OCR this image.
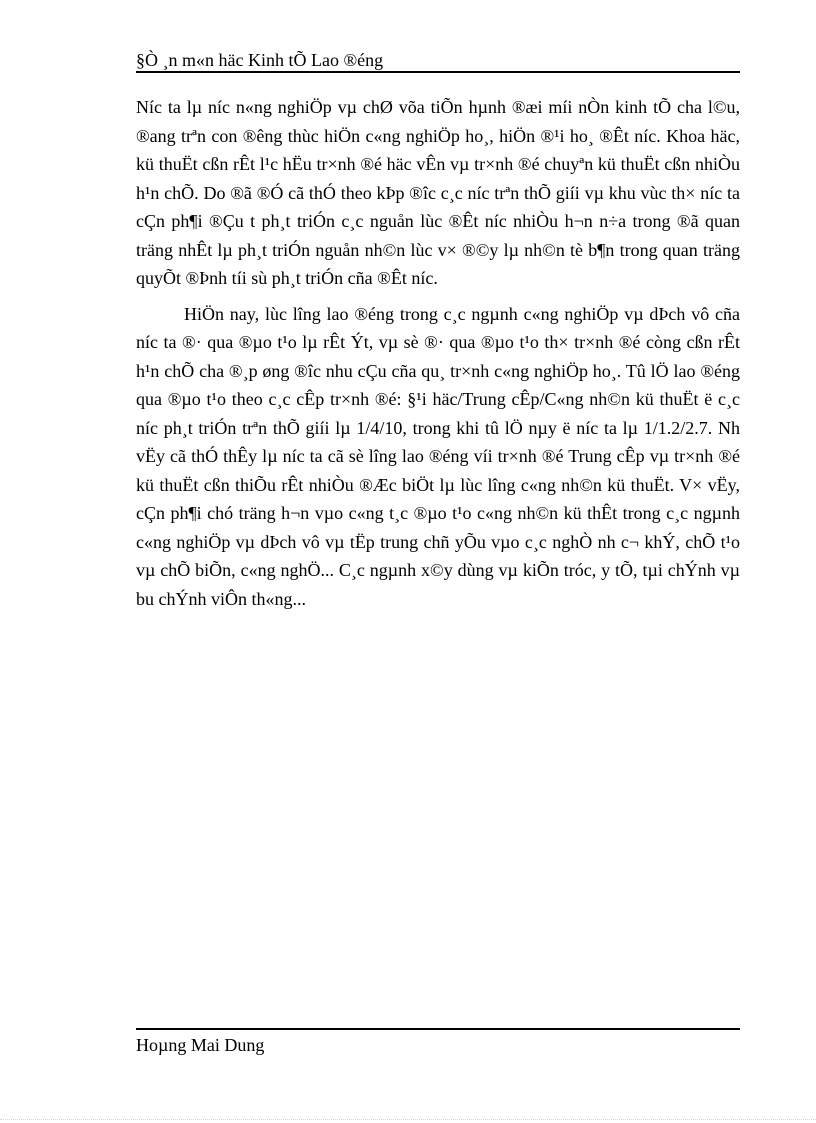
§Ò ¸n m«n häc Kinh tÕ Lao ®éng

Níc ta lµ níc n«ng nghiÖp vµ chØ võa tiÕn hµnh ®æi míi nÒn kinh tÕ cha l©u, ®ang trªn con ®êng thùc hiÖn c«ng nghiÖp ho¸, hiÖn ®¹i ho¸ ®Êt níc. Khoa häc, kü thuËt cßn rÊt l¹c hËu tr×nh ®é häc vÊn vµ tr×nh ®é chuyªn kü thuËt cßn nhiÒu h¹n chÕ. Do ®ã ®Ó cã thÓ theo kÞp ®îc c¸c níc trªn thÕ giíi vµ khu vùc th× níc ta cÇn ph¶i ®Çu t ph¸t triÓn c¸c nguån lùc ®Êt níc nhiÒu h¬n n÷a trong ®ã quan träng nhÊt lµ ph¸t triÓn nguån nh©n lùc v× ®©y lµ nh©n tè b¶n trong quan träng quyÕt ®Þnh tíi sù ph¸t triÓn cña ®Êt níc.

HiÖn nay, lùc lîng lao ®éng trong c¸c ngµnh c«ng nghiÖp vµ dÞch vô cña níc ta ®· qua ®µo t¹o lµ rÊt Ýt, vµ sè ®· qua ®µo t¹o th× tr×nh ®é còng cßn rÊt h¹n chÕ cha ®¸p øng ®îc nhu cÇu cña qu¸ tr×nh c«ng nghiÖp ho¸. Tû lÖ lao ®éng qua ®µo t¹o theo c¸c cÊp tr×nh ®é: §¹i häc/Trung cÊp/C«ng nh©n kü thuËt ë c¸c níc ph¸t triÓn trªn thÕ giíi lµ 1/4/10, trong khi tû lÖ nµy ë níc ta lµ 1/1.2/2.7. Nh vËy cã thÓ thÊy lµ níc ta cã sè lîng lao ®éng víi tr×nh ®é Trung cÊp vµ tr×nh ®é kü thuËt cßn thiÕu rÊt nhiÒu ®Æc biÖt lµ lùc lîng c«ng nh©n kü thuËt. V× vËy, cÇn ph¶i chó träng h¬n vµo c«ng t¸c ®µo t¹o c«ng nh©n kü thÊt trong c¸c ngµnh c«ng nghiÖp vµ dÞch vô vµ tËp trung chñ yÕu vµo c¸c nghÒ nh c¬ khÝ, chÕ t¹o vµ chÕ biÕn, c«ng nghÖ... C¸c ngµnh x©y dùng vµ kiÕn tróc, y tÕ, tµi chÝnh vµ bu chÝnh viÔn th«ng...

Hoµng Mai Dung
